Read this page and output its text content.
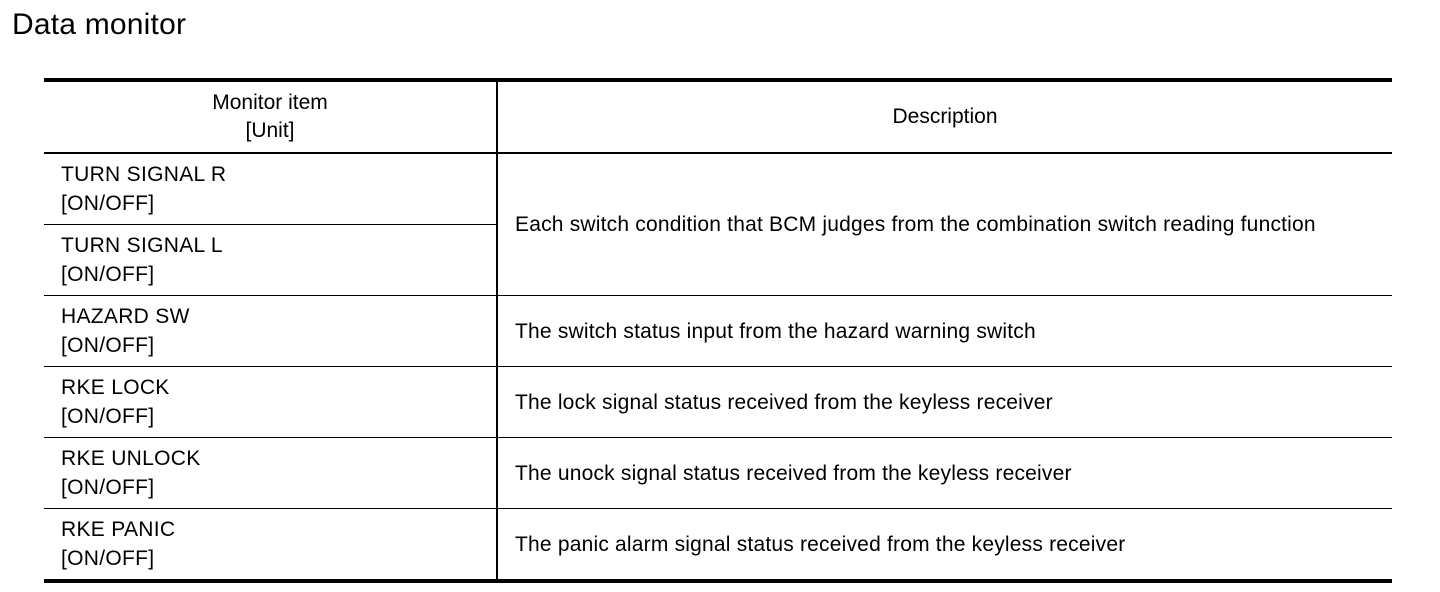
Data monitor
Monitor item
[Unit]	Description

TURN SIGNAL R
[ON/OFF]	Each switch condition that BCM judges from the combination switch reading function

TURN SIGNAL L
[ON/OFF]	

HAZARD SW
[ON/OFF]	The switch status input from the hazard warning switch

RKE LOCK
[ON/OFF]	The lock signal status received from the keyless receiver

RKE UNLOCK
[ON/OFF]	The unock signal status received from the keyless receiver

RKE PANIC
[ON/OFF]	The panic alarm signal status received from the keyless receiver
